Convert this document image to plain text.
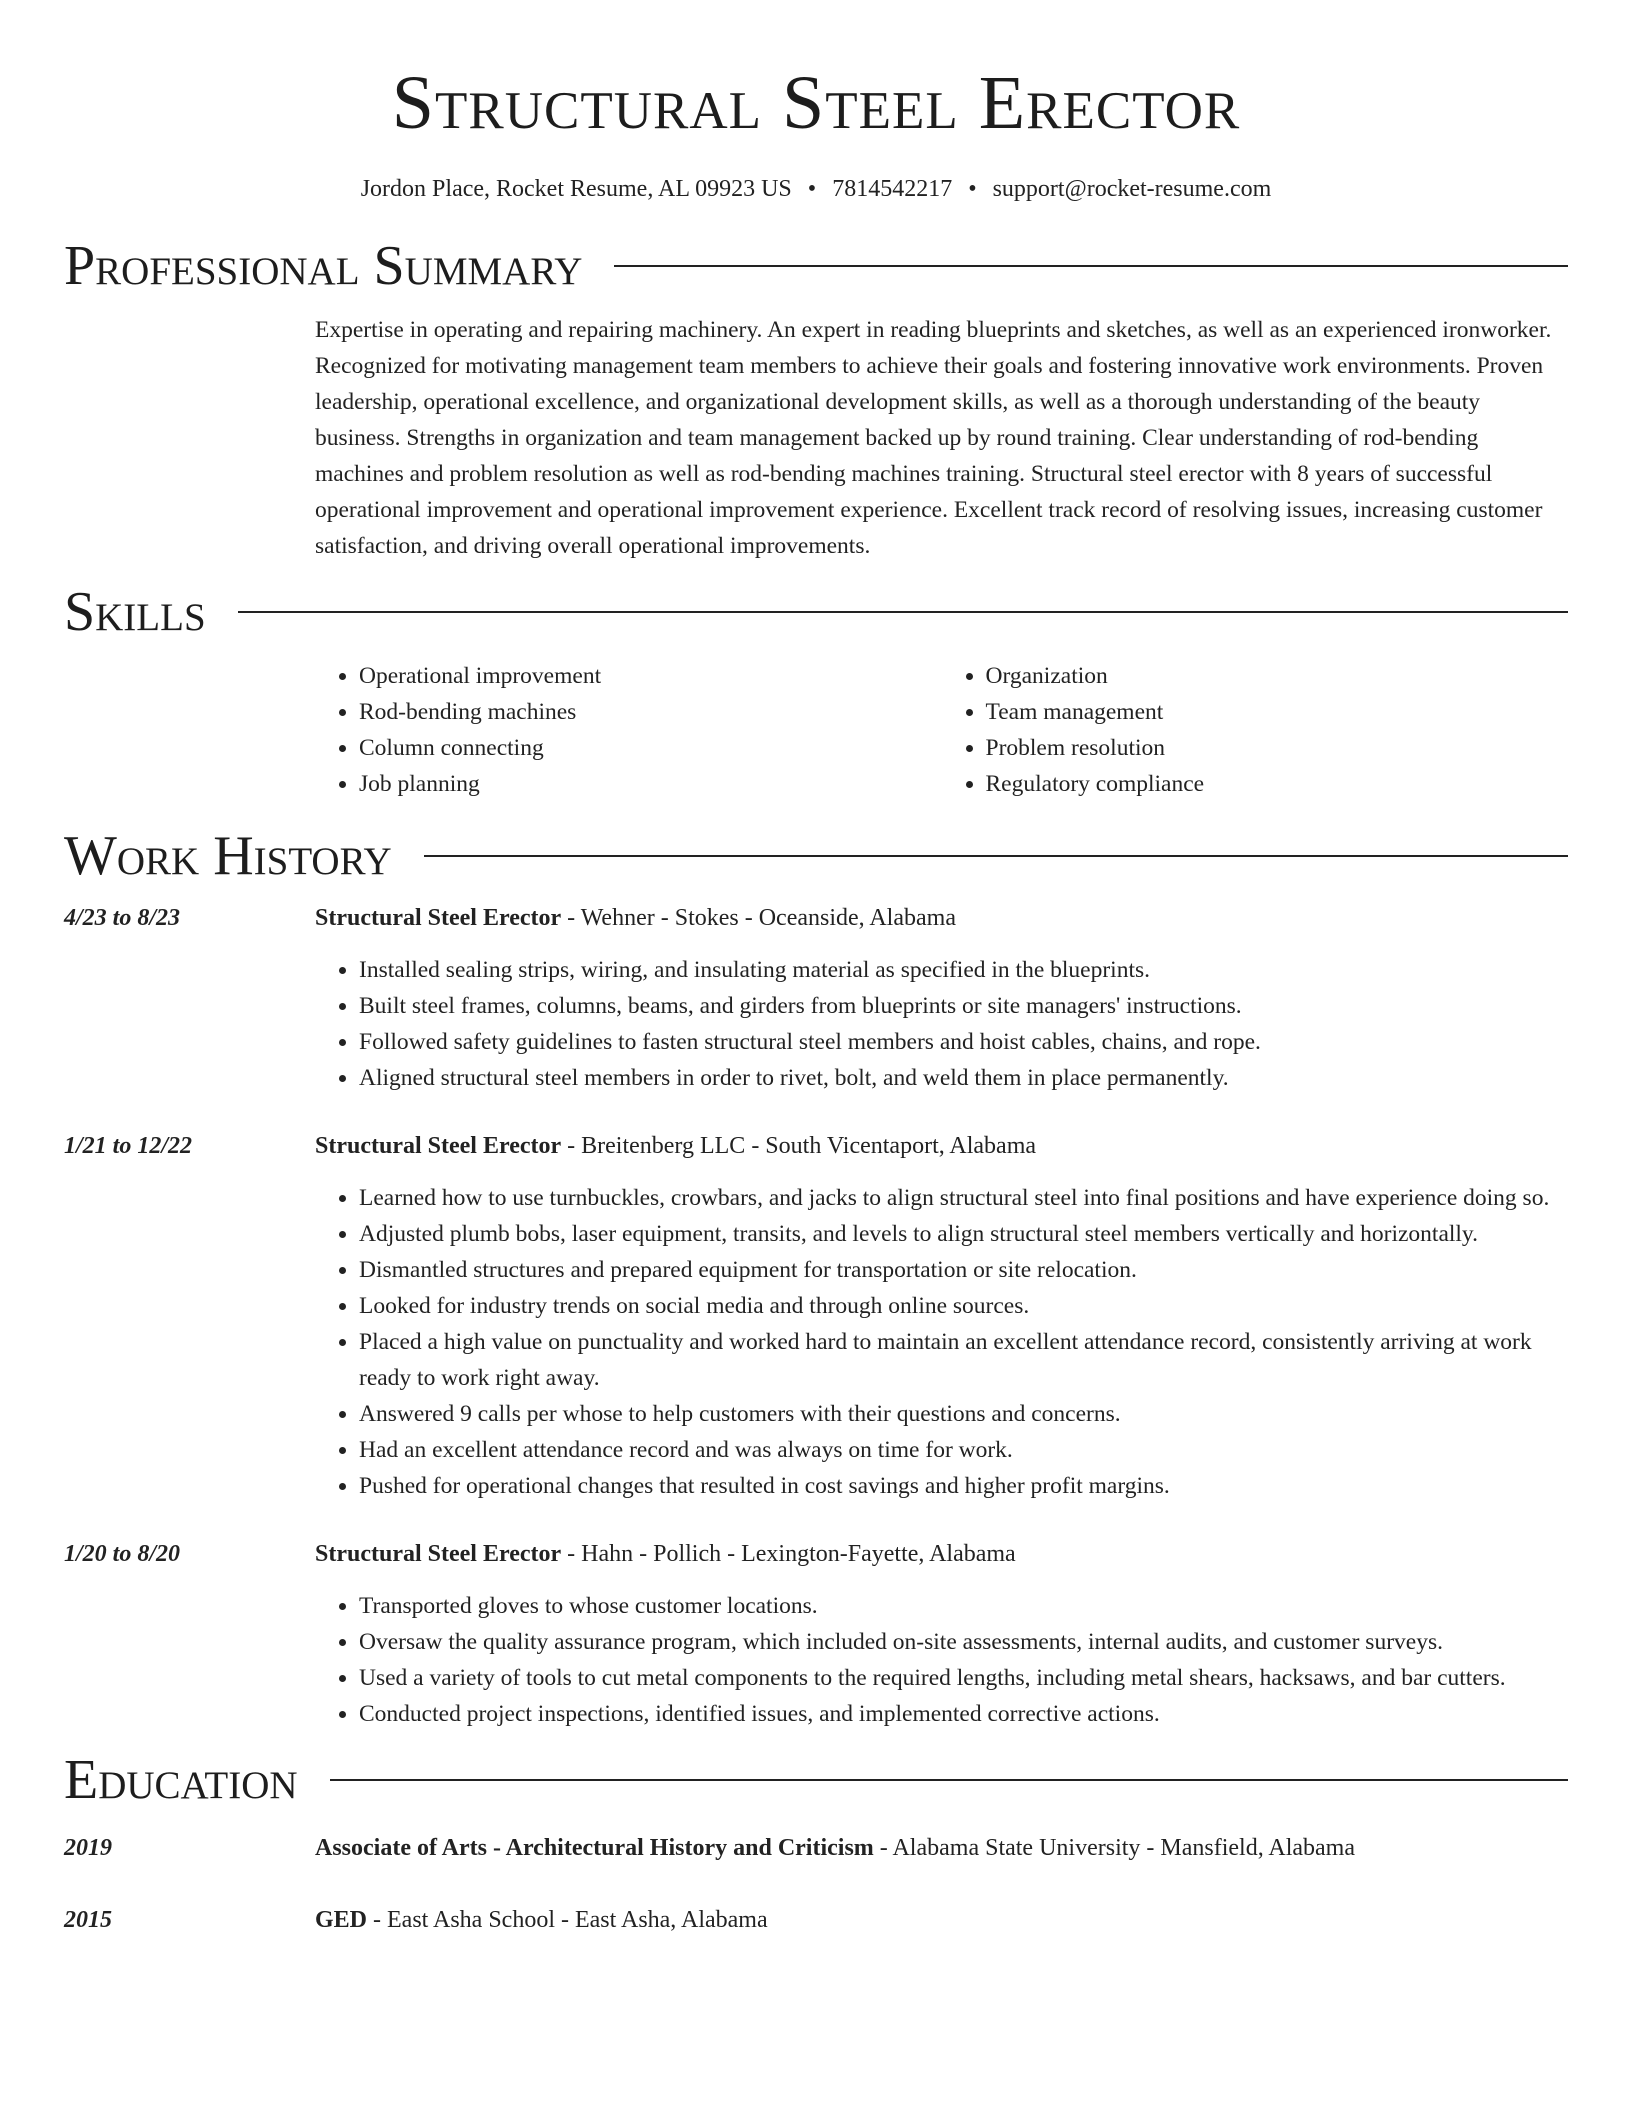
Structural Steel Erector
Jordon Place, Rocket Resume, AL 09923 US • 7814542217 • support@rocket-resume.com
Professional Summary
Expertise in operating and repairing machinery. An expert in reading blueprints and sketches, as well as an experienced ironworker. Recognized for motivating management team members to achieve their goals and fostering innovative work environments. Proven leadership, operational excellence, and organizational development skills, as well as a thorough understanding of the beauty business. Strengths in organization and team management backed up by round training. Clear understanding of rod-bending machines and problem resolution as well as rod-bending machines training. Structural steel erector with 8 years of successful operational improvement and operational improvement experience. Excellent track record of resolving issues, increasing customer satisfaction, and driving overall operational improvements.
Skills
• Operational improvement
• Rod-bending machines
• Column connecting
• Job planning
• Organization
• Team management
• Problem resolution
• Regulatory compliance
Work History
4/23 to 8/23	Structural Steel Erector - Wehner - Stokes - Oceanside, Alabama
• Installed sealing strips, wiring, and insulating material as specified in the blueprints.
• Built steel frames, columns, beams, and girders from blueprints or site managers' instructions.
• Followed safety guidelines to fasten structural steel members and hoist cables, chains, and rope.
• Aligned structural steel members in order to rivet, bolt, and weld them in place permanently.
1/21 to 12/22	Structural Steel Erector - Breitenberg LLC - South Vicentaport, Alabama
• Learned how to use turnbuckles, crowbars, and jacks to align structural steel into final positions and have experience doing so.
• Adjusted plumb bobs, laser equipment, transits, and levels to align structural steel members vertically and horizontally.
• Dismantled structures and prepared equipment for transportation or site relocation.
• Looked for industry trends on social media and through online sources.
• Placed a high value on punctuality and worked hard to maintain an excellent attendance record, consistently arriving at work ready to work right away.
• Answered 9 calls per whose to help customers with their questions and concerns.
• Had an excellent attendance record and was always on time for work.
• Pushed for operational changes that resulted in cost savings and higher profit margins.
1/20 to 8/20	Structural Steel Erector - Hahn - Pollich - Lexington-Fayette, Alabama
• Transported gloves to whose customer locations.
• Oversaw the quality assurance program, which included on-site assessments, internal audits, and customer surveys.
• Used a variety of tools to cut metal components to the required lengths, including metal shears, hacksaws, and bar cutters.
• Conducted project inspections, identified issues, and implemented corrective actions.
Education
2019	Associate of Arts - Architectural History and Criticism - Alabama State University - Mansfield, Alabama
2015	GED - East Asha School - East Asha, Alabama
